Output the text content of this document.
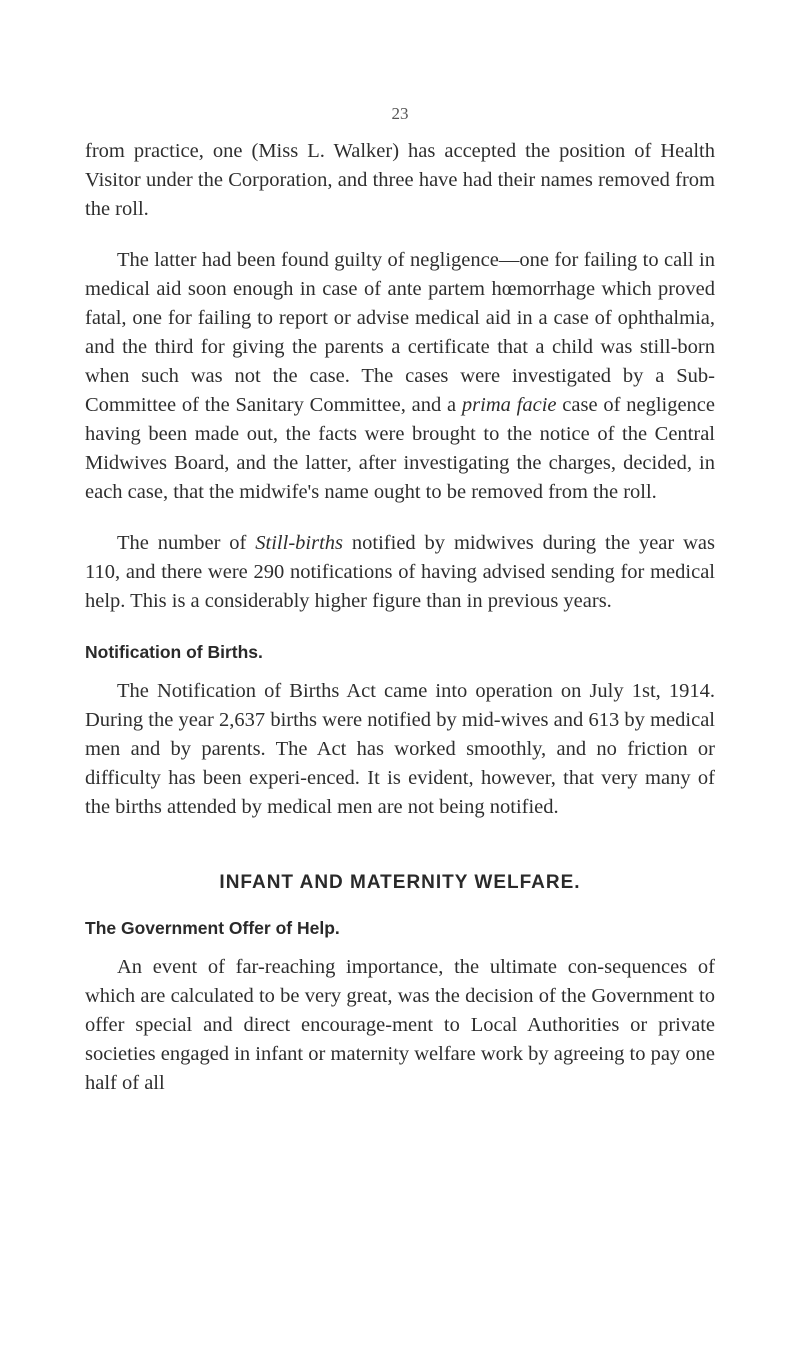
23

from practice, one (Miss L. Walker) has accepted the position of Health Visitor under the Corporation, and three have had their names removed from the roll.

The latter had been found guilty of negligence—one for failing to call in medical aid soon enough in case of ante partem hœmorrhage which proved fatal, one for failing to report or advise medical aid in a case of ophthalmia, and the third for giving the parents a certificate that a child was still-born when such was not the case. The cases were investigated by a Sub-Committee of the Sanitary Committee, and a prima facie case of negligence having been made out, the facts were brought to the notice of the Central Midwives Board, and the latter, after investigating the charges, decided, in each case, that the midwife's name ought to be removed from the roll.

The number of Still-births notified by midwives during the year was 110, and there were 290 notifications of having advised sending for medical help. This is a considerably higher figure than in previous years.

Notification of Births.

The Notification of Births Act came into operation on July 1st, 1914. During the year 2,637 births were notified by mid-wives and 613 by medical men and by parents. The Act has worked smoothly, and no friction or difficulty has been experi-enced. It is evident, however, that very many of the births attended by medical men are not being notified.

INFANT AND MATERNITY WELFARE.

The Government Offer of Help.

An event of far-reaching importance, the ultimate con-sequences of which are calculated to be very great, was the decision of the Government to offer special and direct encourage-ment to Local Authorities or private societies engaged in infant or maternity welfare work by agreeing to pay one half of all
